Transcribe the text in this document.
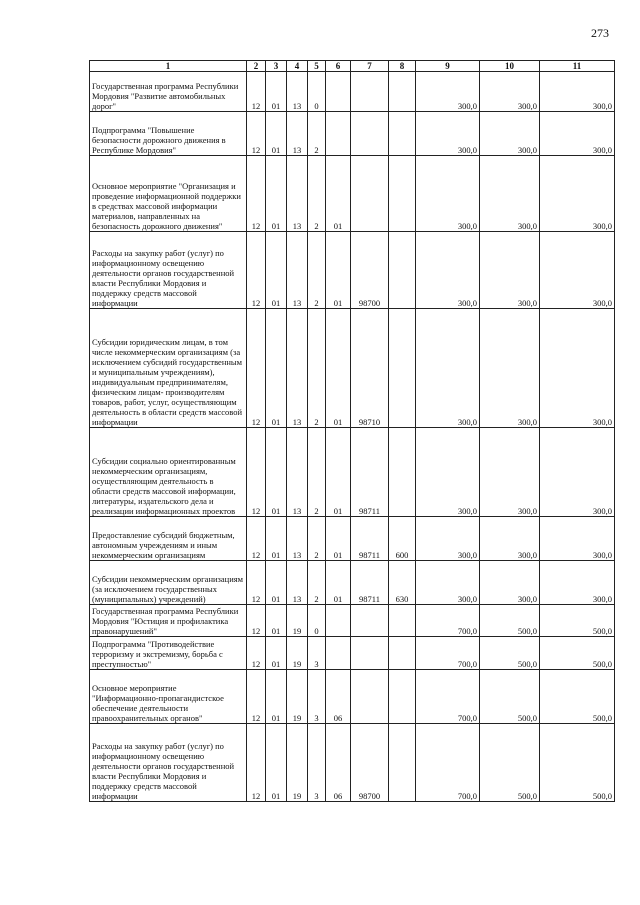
273
1	2	3	4	5	6	7	8	9	10	11
Государственная программа Республики Мордовия "Развитие автомобильных дорог"	12	01	13	0				300,0	300,0	300,0
Подпрограмма "Повышение безопасности дорожного движения в Республике Мордовия"	12	01	13	2				300,0	300,0	300,0
Основное мероприятие "Организация и проведение информационной поддержки в средствах массовой информации материалов, направленных на безопасность дорожного движения"	12	01	13	2	01			300,0	300,0	300,0
Расходы на закупку работ (услуг) по информационному освещению деятельности органов государственной власти Республики Мордовия и поддержку средств массовой информации	12	01	13	2	01	98700		300,0	300,0	300,0
Субсидии юридическим лицам, в том числе некоммерческим организациям (за исключением субсидий государственным и муниципальным учреждениям), индивидуальным предпринимателям, физическим лицам- производителям товаров, работ, услуг, осуществляющим деятельность в области средств массовой информации	12	01	13	2	01	98710		300,0	300,0	300,0
Субсидии социально ориентированным некоммерческим организациям, осуществляющим деятельность в области средств массовой информации, литературы, издательского дела и реализации информационных проектов	12	01	13	2	01	98711		300,0	300,0	300,0
Предоставление субсидий бюджетным, автономным учреждениям и иным некоммерческим организациям	12	01	13	2	01	98711	600	300,0	300,0	300,0
Субсидии некоммерческим организациям (за исключением государственных (муниципальных) учреждений)	12	01	13	2	01	98711	630	300,0	300,0	300,0
Государственная программа Республики Мордовия "Юстиция и профилактика правонарушений"	12	01	19	0				700,0	500,0	500,0
Подпрограмма "Противодействие терроризму и экстремизму, борьба с преступностью"	12	01	19	3				700,0	500,0	500,0
Основное мероприятие "Информационно-пропагандистское обеспечение деятельности правоохранительных органов"	12	01	19	3	06			700,0	500,0	500,0
Расходы на закупку работ (услуг) по информационному освещению деятельности органов государственной власти Республики Мордовия и поддержку средств массовой информации	12	01	19	3	06	98700		700,0	500,0	500,0
